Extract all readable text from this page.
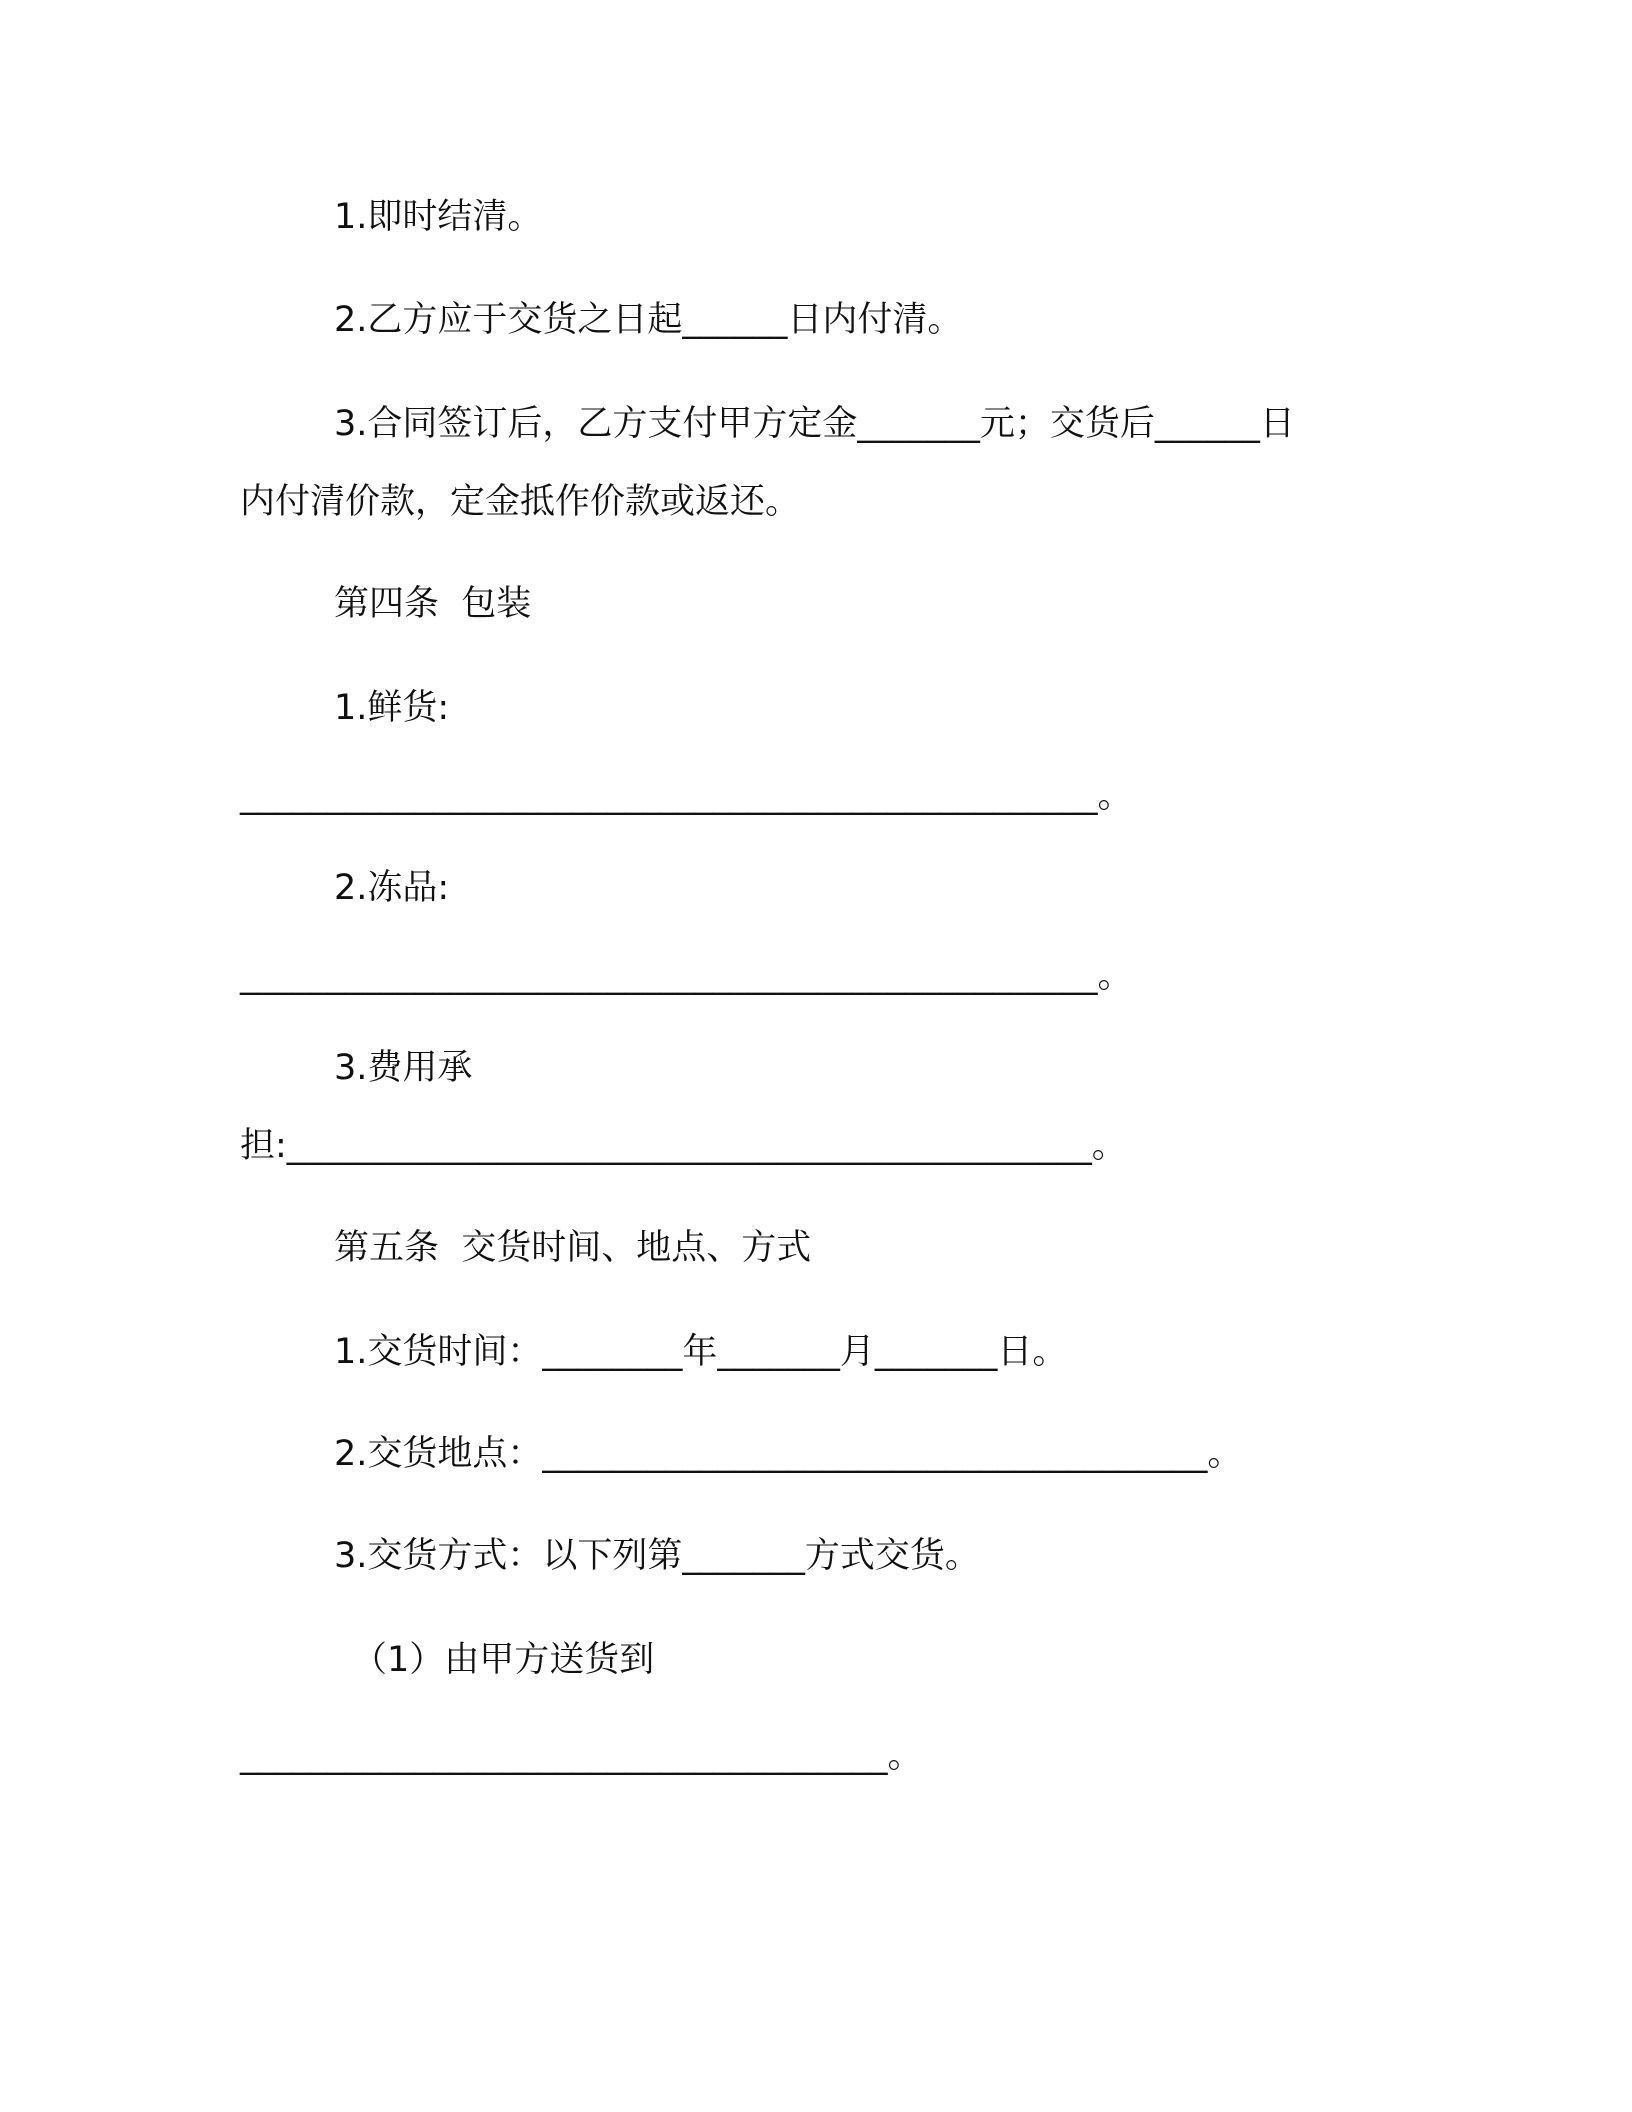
1.即时结清。
2.乙方应于交货之日起______日内付清。
3.合同签订后，乙方支付甲方定金_______元；交货后______日
内付清价款，定金抵作价款或返还。
第四条  包装
1.鲜货:
_________________________________________________。
2.冻品:
_________________________________________________。
3.费用承
担:______________________________________________。
第五条  交货时间、地点、方式
1.交货时间：________年_______月_______日。
2.交货地点：______________________________________。
3.交货方式：以下列第_______方式交货。
（1）由甲方送货到
_____________________________________。
